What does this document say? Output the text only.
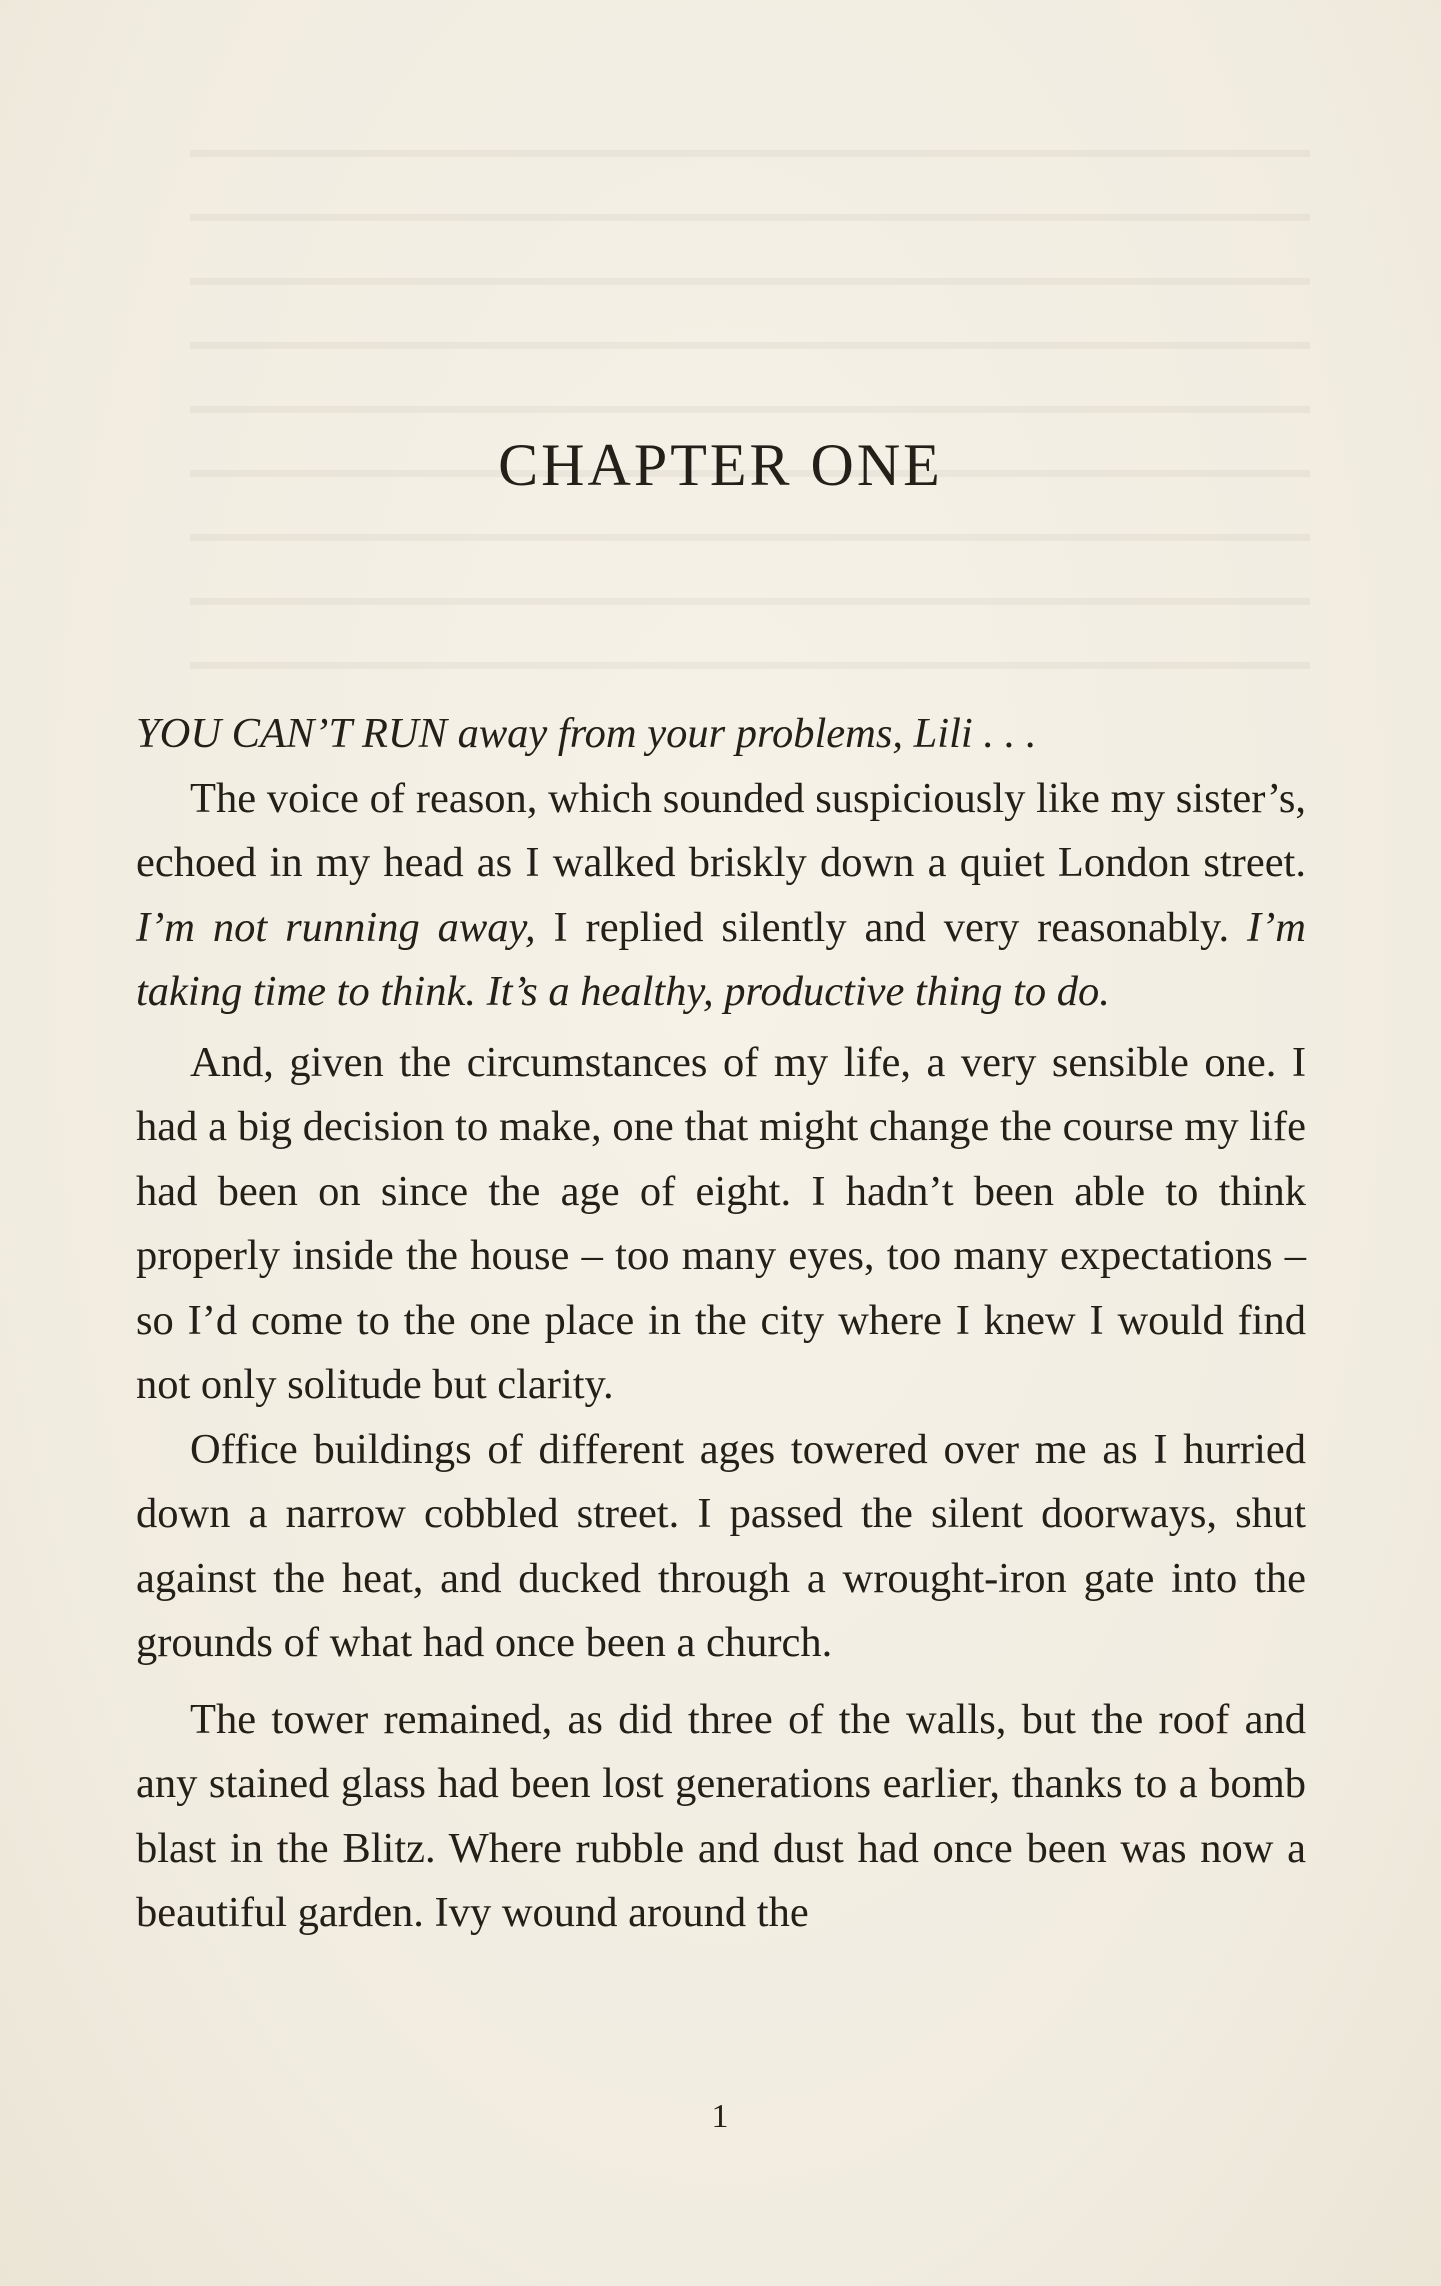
CHAPTER ONE

YOU CAN’T RUN away from your problems, Lili . . .

The voice of reason, which sounded suspiciously like my sister’s, echoed in my head as I walked briskly down a quiet London street. I’m not running away, I replied silently and very reasonably. I’m taking time to think. It’s a healthy, productive thing to do.

And, given the circumstances of my life, a very sensible one. I had a big decision to make, one that might change the course my life had been on since the age of eight. I hadn’t been able to think properly inside the house – too many eyes, too many expectations – so I’d come to the one place in the city where I knew I would find not only solitude but clarity.

Office buildings of different ages towered over me as I hurried down a narrow cobbled street. I passed the silent doorways, shut against the heat, and ducked through a wrought-iron gate into the grounds of what had once been a church.

The tower remained, as did three of the walls, but the roof and any stained glass had been lost generations earlier, thanks to a bomb blast in the Blitz. Where rubble and dust had once been was now a beautiful garden. Ivy wound around the

1
